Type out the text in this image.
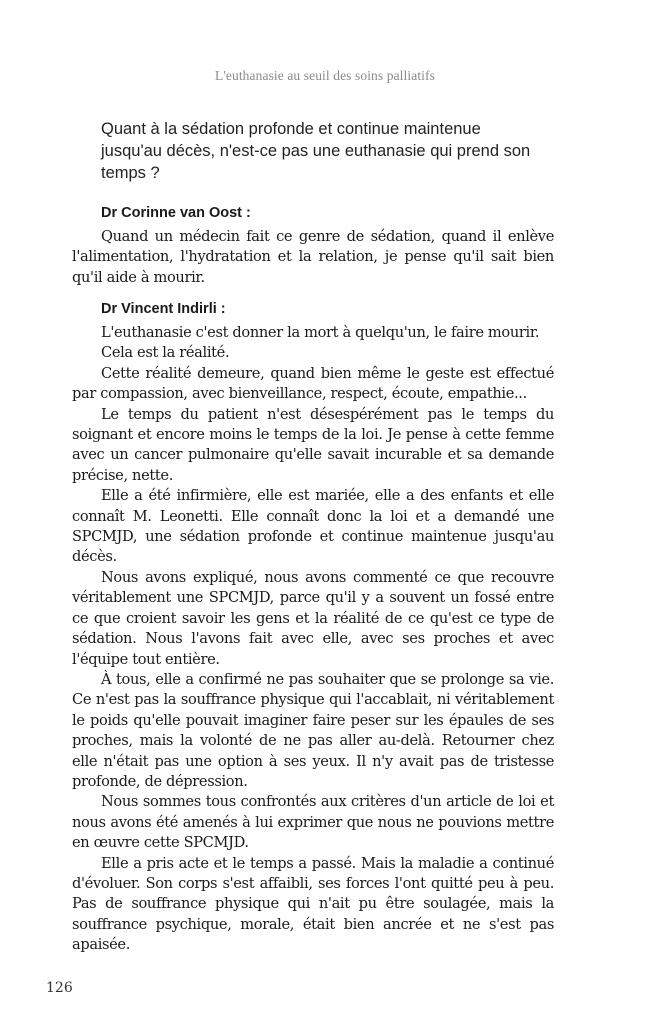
L'euthanasie au seuil des soins palliatifs
Quant à la sédation profonde et continue maintenue jusqu'au décès, n'est-ce pas une euthanasie qui prend son temps ?
Dr Corinne van Oost :

Quand un médecin fait ce genre de sédation, quand il enlève l'alimentation, l'hydratation et la relation, je pense qu'il sait bien qu'il aide à mourir.

Dr Vincent Indirli :

L'euthanasie c'est donner la mort à quelqu'un, le faire mourir.

Cela est la réalité.

Cette réalité demeure, quand bien même le geste est effectué par compassion, avec bienveillance, respect, écoute, empathie...

Le temps du patient n'est désespérément pas le temps du soignant et encore moins le temps de la loi. Je pense à cette femme avec un cancer pulmonaire qu'elle savait incurable et sa demande précise, nette.

Elle a été infirmière, elle est mariée, elle a des enfants et elle connaît M. Leonetti. Elle connaît donc la loi et a demandé une SPCMJD, une sédation profonde et continue maintenue jusqu'au décès.

Nous avons expliqué, nous avons commenté ce que recouvre véritablement une SPCMJD, parce qu'il y a souvent un fossé entre ce que croient savoir les gens et la réalité de ce qu'est ce type de sédation. Nous l'avons fait avec elle, avec ses proches et avec l'équipe tout entière.

À tous, elle a confirmé ne pas souhaiter que se prolonge sa vie. Ce n'est pas la souffrance physique qui l'accablait, ni véritablement le poids qu'elle pouvait imaginer faire peser sur les épaules de ses proches, mais la volonté de ne pas aller au-delà. Retourner chez elle n'était pas une option à ses yeux. Il n'y avait pas de tristesse profonde, de dépression.

Nous sommes tous confrontés aux critères d'un article de loi et nous avons été amenés à lui exprimer que nous ne pouvions mettre en œuvre cette SPCMJD.

Elle a pris acte et le temps a passé. Mais la maladie a continué d'évoluer. Son corps s'est affaibli, ses forces l'ont quitté peu à peu. Pas de souffrance physique qui n'ait pu être soulagée, mais la souffrance psychique, morale, était bien ancrée et ne s'est pas apaisée.

126
